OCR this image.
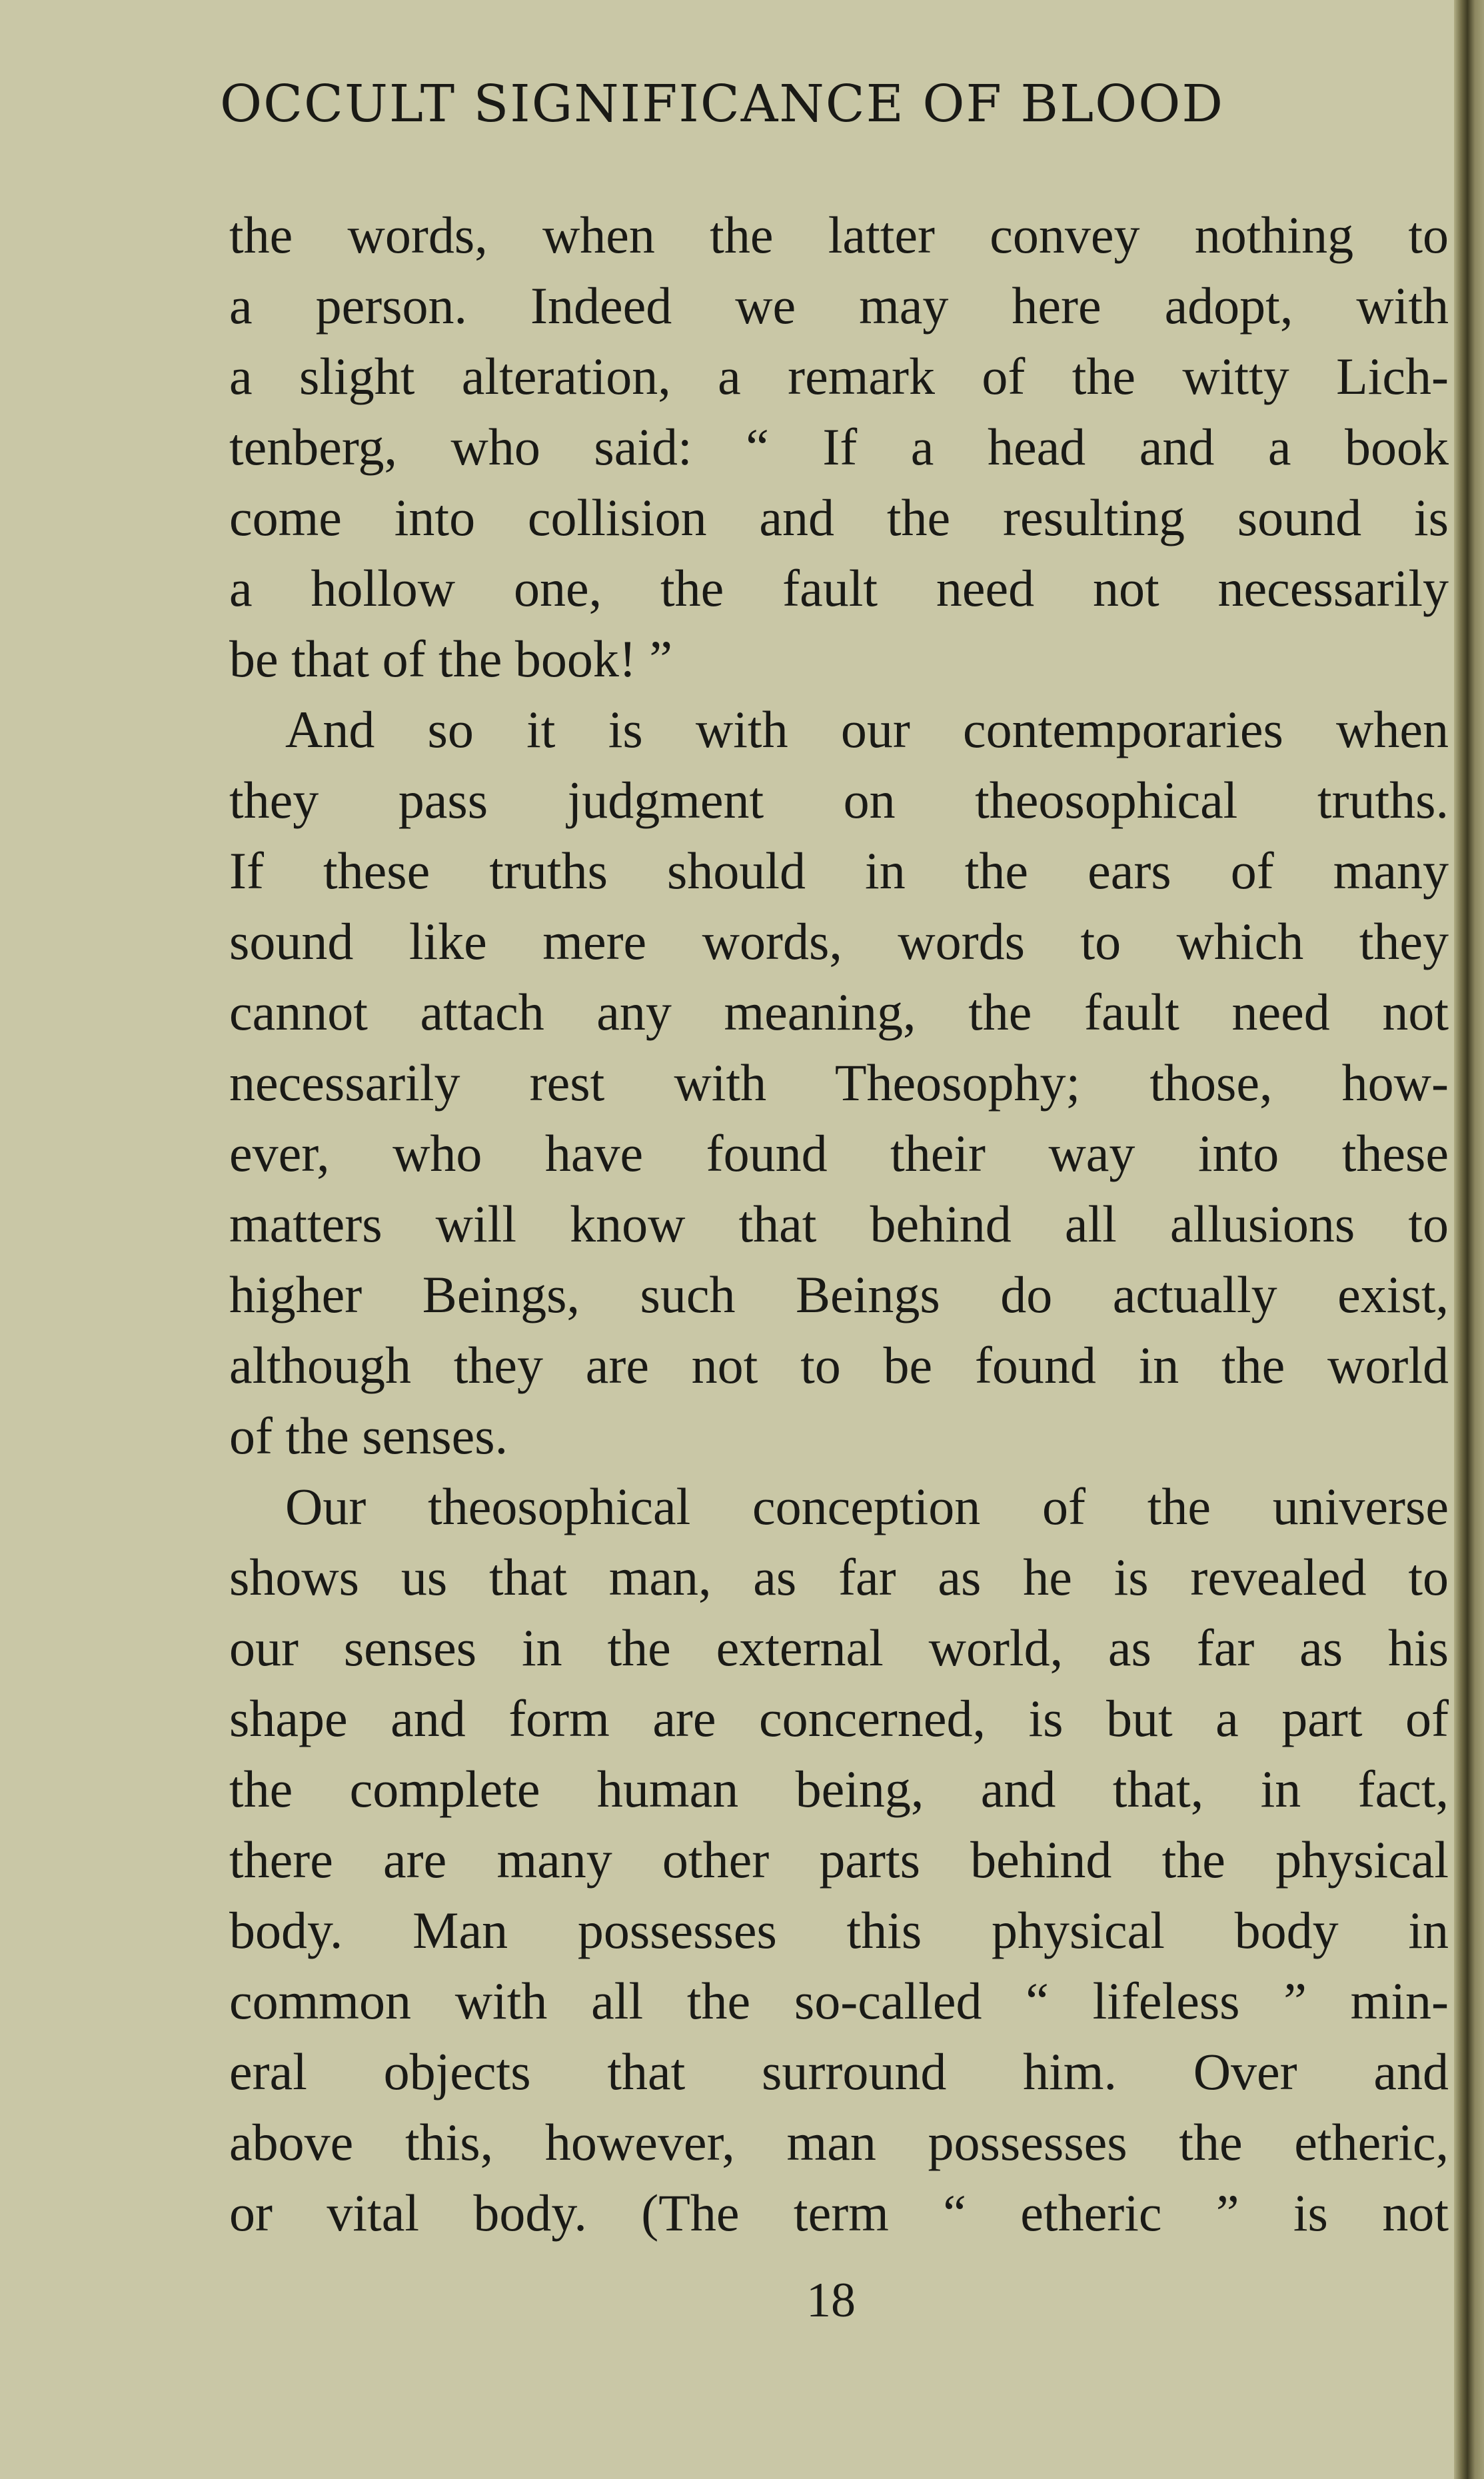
OCCULT SIGNIFICANCE OF BLOOD
the words, when the latter convey nothing to
a person. Indeed we may here adopt, with
a slight alteration, a remark of the witty Lich-
tenberg, who said: “ If a head and a book
come into collision and the resulting sound is
a hollow one, the fault need not necessarily
be that of the book! ”
And so it is with our contemporaries when
they pass judgment on theosophical truths.
If these truths should in the ears of many
sound like mere words, words to which they
cannot attach any meaning, the fault need not
necessarily rest with Theosophy; those, how-
ever, who have found their way into these
matters will know that behind all allusions to
higher Beings, such Beings do actually exist,
although they are not to be found in the world
of the senses.
Our theosophical conception of the universe
shows us that man, as far as he is revealed to
our senses in the external world, as far as his
shape and form are concerned, is but a part of
the complete human being, and that, in fact,
there are many other parts behind the physical
body. Man possesses this physical body in
common with all the so-called “ lifeless ” min-
eral objects that surround him. Over and
above this, however, man possesses the etheric,
or vital body. (The term “ etheric ” is not

18
